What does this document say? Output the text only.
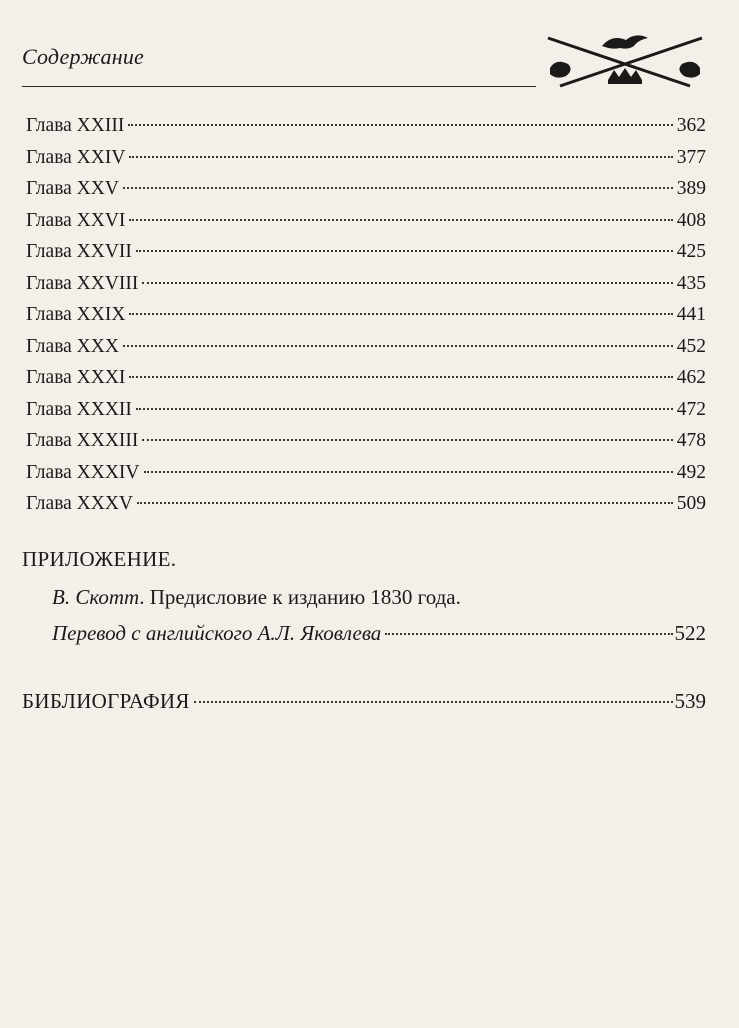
Содержание
Глава XXIII	362
Глава XXIV	377
Глава XXV	389
Глава XXVI	408
Глава XXVII	425
Глава XXVIII	435
Глава XXIX	441
Глава XXX	452
Глава XXXI	462
Глава XXXII	472
Глава XXXIII	478
Глава XXXIV	492
Глава XXXV	509
ПРИЛОЖЕНИЕ.
В. Скотт. Предисловие к изданию 1830 года.
Перевод с английского А.Л. Яковлева	522
БИБЛИОГРАФИЯ	539
